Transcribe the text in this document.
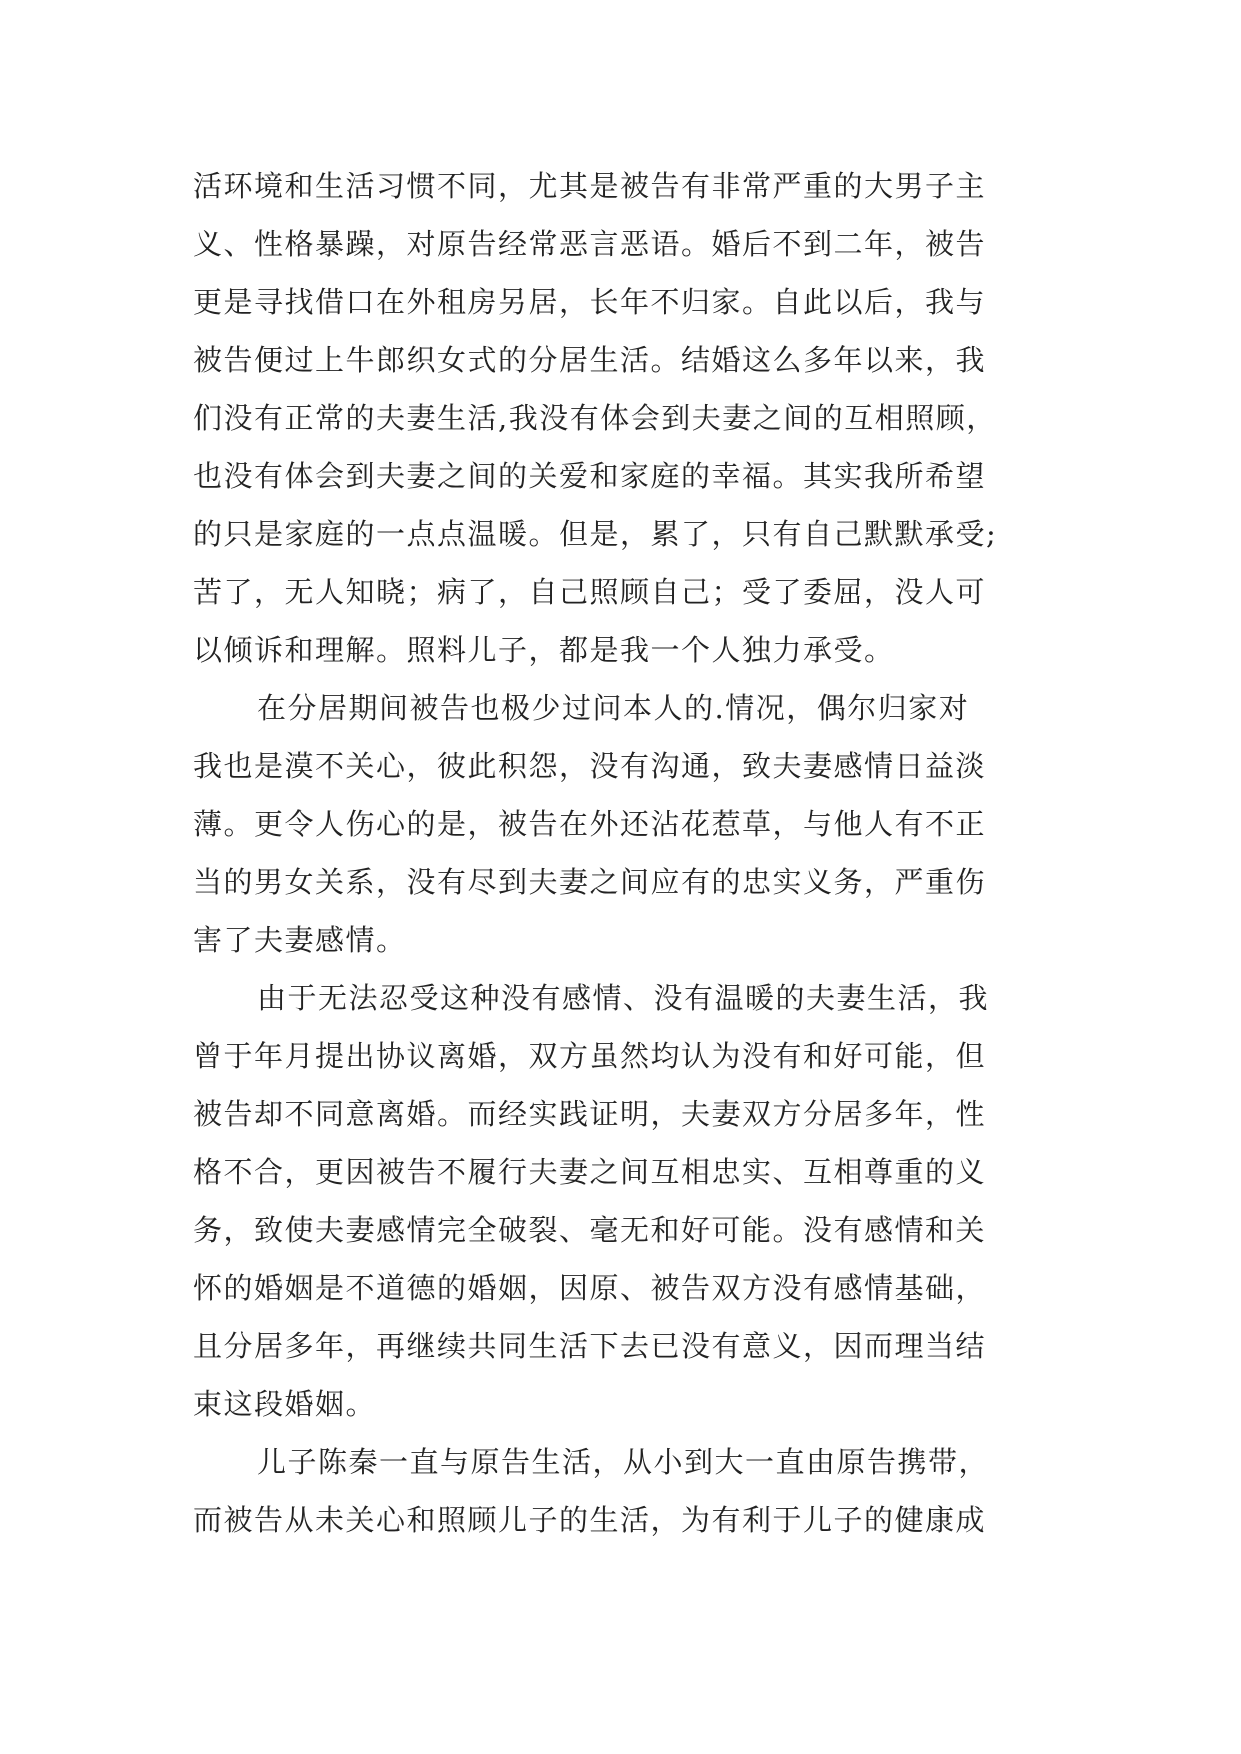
活环境和生活习惯不同，尤其是被告有非常严重的大男子主
义、性格暴躁，对原告经常恶言恶语。婚后不到二年，被告
更是寻找借口在外租房另居，长年不归家。自此以后，我与
被告便过上牛郎织女式的分居生活。结婚这么多年以来，我
们没有正常的夫妻生活,我没有体会到夫妻之间的互相照顾，
也没有体会到夫妻之间的关爱和家庭的幸福。其实我所希望
的只是家庭的一点点温暖。但是，累了，只有自己默默承受;
苦了，无人知晓；病了，自己照顾自己；受了委屈，没人可
以倾诉和理解。照料儿子，都是我一个人独力承受。
在分居期间被告也极少过问本人的.情况，偶尔归家对
我也是漠不关心，彼此积怨，没有沟通，致夫妻感情日益淡
薄。更令人伤心的是，被告在外还沾花惹草，与他人有不正
当的男女关系，没有尽到夫妻之间应有的忠实义务，严重伤
害了夫妻感情。
由于无法忍受这种没有感情、没有温暖的夫妻生活，我
曾于年月提出协议离婚，双方虽然均认为没有和好可能，但
被告却不同意离婚。而经实践证明，夫妻双方分居多年，性
格不合，更因被告不履行夫妻之间互相忠实、互相尊重的义
务，致使夫妻感情完全破裂、毫无和好可能。没有感情和关
怀的婚姻是不道德的婚姻，因原、被告双方没有感情基础，
且分居多年，再继续共同生活下去已没有意义，因而理当结
束这段婚姻。
儿子陈秦一直与原告生活，从小到大一直由原告携带，
而被告从未关心和照顾儿子的生活，为有利于儿子的健康成
